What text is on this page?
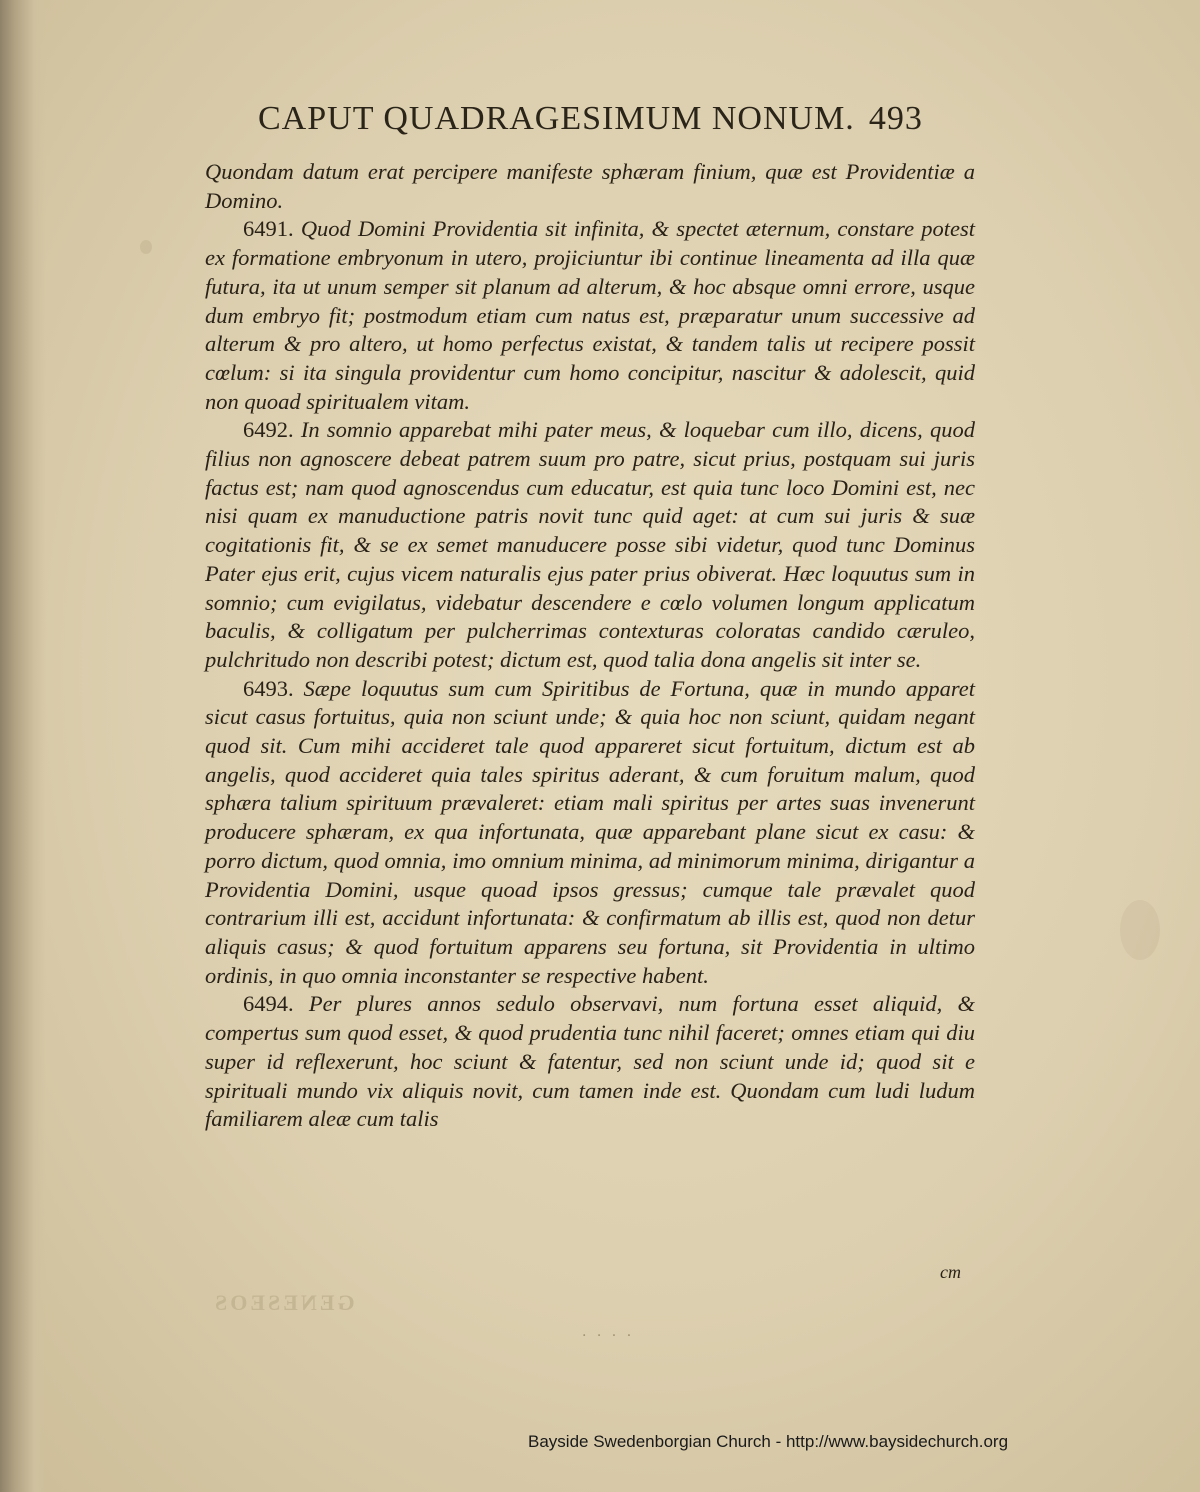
CAPUT QUADRAGESIMUM NONUM. 493

Quondam datum erat percipere manifeste sphæram finium, quæ est Providentiæ a Domino.

6491. Quod Domini Providentia sit infinita, & spectet æternum, constare potest ex formatione embryonum in utero, projiciuntur ibi continue lineamenta ad illa quæ futura, ita ut unum semper sit planum ad alterum, & hoc absque omni errore, usque dum embryo fit; postmodum etiam cum natus est, præparatur unum successive ad alterum & pro altero, ut homo perfectus existat, & tandem talis ut recipere possit cœlum: si ita singula providentur cum homo concipitur, nascitur & adolescit, quid non quoad spiritualem vitam.

6492. In somnio apparebat mihi pater meus, & loquebar cum illo, dicens, quod filius non agnoscere debeat patrem suum pro patre, sicut prius, postquam sui juris factus est; nam quod agnoscendus cum educatur, est quia tunc loco Domini est, nec nisi quam ex manuductione patris novit tunc quid aget: at cum sui juris & suæ cogitationis fit, & se ex semet manuducere posse sibi videtur, quod tunc Dominus Pater ejus erit, cujus vicem naturalis ejus pater prius obiverat. Hæc loquutus sum in somnio; cum evigilatus, videbatur descendere e cœlo volumen longum applicatum baculis, & colligatum per pulcherrimas contexturas coloratas candido cæruleo, pulchritudo non describi potest; dictum est, quod talia dona angelis sit inter se.

6493. Sæpe loquutus sum cum Spiritibus de Fortuna, quæ in mundo apparet sicut casus fortuitus, quia non sciunt unde; & quia hoc non sciunt, quidam negant quod sit. Cum mihi accideret tale quod appareret sicut fortuitum, dictum est ab angelis, quod accideret quia tales spiritus aderant, & cum foruitum malum, quod sphæra talium spirituum prævaleret: etiam mali spiritus per artes suas invenerunt producere sphæram, ex qua infortunata, quæ apparebant plane sicut ex casu: & porro dictum, quod omnia, imo omnium minima, ad minimorum minima, dirigantur a Providentia Domini, usque quoad ipsos gressus; cumque tale prævalet quod contrarium illi est, accidunt infortunata: & confirmatum ab illis est, quod non detur aliquis casus; & quod fortuitum apparens seu fortuna, sit Providentia in ultimo ordinis, in quo omnia inconstanter se respective habent.

6494. Per plures annos sedulo observavi, num fortuna esset aliquid, & compertus sum quod esset, & quod prudentia tunc nihil faceret; omnes etiam qui diu super id reflexerunt, hoc sciunt & fatentur, sed non sciunt unde id; quod sit e spirituali mundo vix aliquis novit, cum tamen inde est. Quondam cum ludi ludum familiarem aleæ cum talis

cm
GENESEOS
· · · ·
Bayside Swedenborgian Church - http://www.baysidechurch.org
